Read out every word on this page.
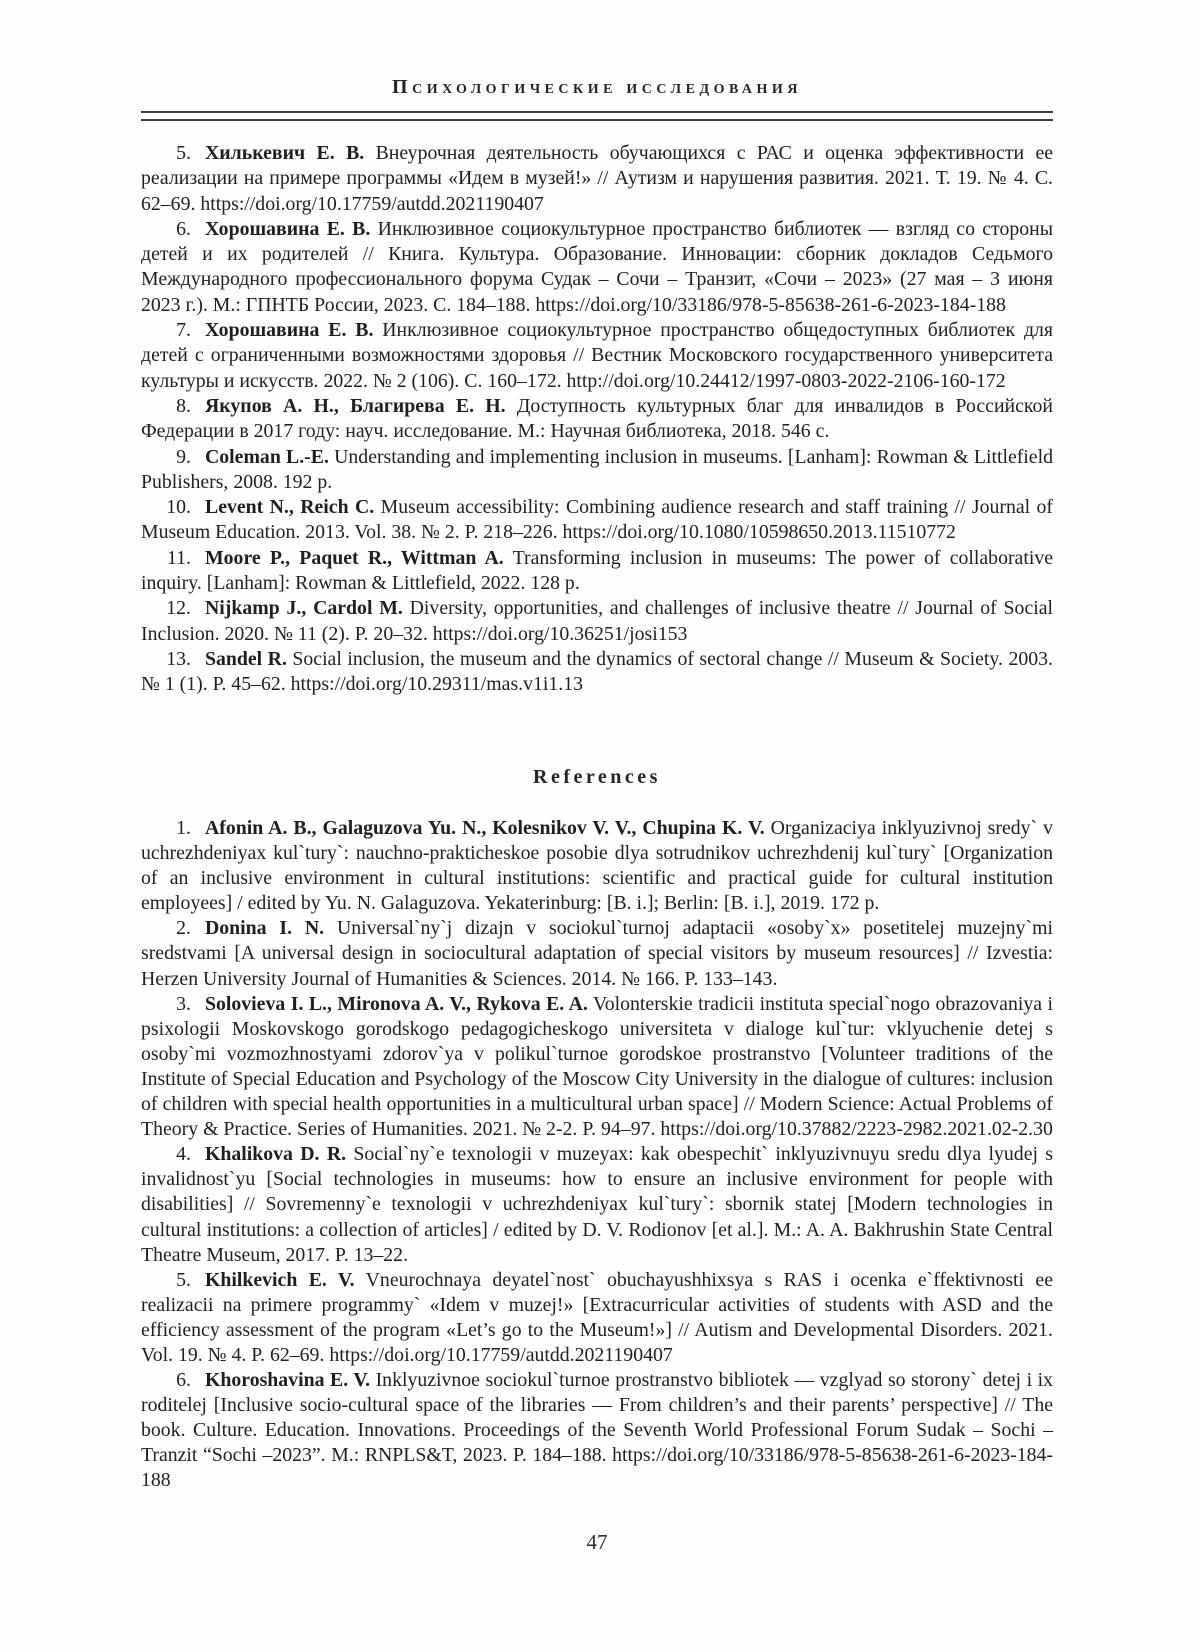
Психологические исследования

5. Хилькевич Е. В. Внеурочная деятельность обучающихся с РАС и оценка эффективности ее реализации на примере программы «Идем в музей!» // Аутизм и нарушения развития. 2021. Т. 19. № 4. С. 62–69. https://doi.org/10.17759/autdd.2021190407

6. Хорошавина Е. В. Инклюзивное социокультурное пространство библиотек — взгляд со стороны детей и их родителей // Книга. Культура. Образование. Инновации: сборник докладов Седьмого Международного профессионального форума Судак – Сочи – Транзит, «Сочи – 2023» (27 мая – 3 июня 2023 г.). М.: ГПНТБ России, 2023. С. 184–188. https://doi.org/10/33186/978-5-85638-261-6-2023-184-188

7. Хорошавина Е. В. Инклюзивное социокультурное пространство общедоступных библиотек для детей с ограниченными возможностями здоровья // Вестник Московского государственного университета культуры и искусств. 2022. № 2 (106). С. 160–172. http://doi.org/10.24412/1997-0803-2022-2106-160-172

8. Якупов А. Н., Благирева Е. Н. Доступность культурных благ для инвалидов в Российской Федерации в 2017 году: науч. исследование. М.: Научная библиотека, 2018. 546 с.

9. Coleman L.-E. Understanding and implementing inclusion in museums. [Lanham]: Rowman & Littlefield Publishers, 2008. 192 p.

10. Levent N., Reich C. Museum accessibility: Combining audience research and staff training // Journal of Museum Education. 2013. Vol. 38. № 2. P. 218–226. https://doi.org/10.1080/10598650.2013.11510772

11. Moore P., Paquet R., Wittman A. Transforming inclusion in museums: The power of collaborative inquiry. [Lanham]: Rowman & Littlefield, 2022. 128 p.

12. Nijkamp J., Cardol M. Diversity, opportunities, and challenges of inclusive theatre // Journal of Social Inclusion. 2020. № 11 (2). P. 20–32. https://doi.org/10.36251/josi153

13. Sandel R. Social inclusion, the museum and the dynamics of sectoral change // Museum & Society. 2003. № 1 (1). P. 45–62. https://doi.org/10.29311/mas.v1i1.13

References

1. Afonin A. B., Galaguzova Yu. N., Kolesnikov V. V., Chupina K. V. Organizaciya inklyuzivnoj sredy` v uchrezhdeniyax kul`tury`: nauchno-prakticheskoe posobie dlya sotrudnikov uchrezhdenij kul`tury` [Organization of an inclusive environment in cultural institutions: scientific and practical guide for cultural institution employees] / edited by Yu. N. Galaguzova. Yekaterinburg: [B. i.]; Berlin: [B. i.], 2019. 172 p.

2. Donina I. N. Universal`ny`j dizajn v sociokul`turnoj adaptacii «osoby`x» posetitelej muzejny`mi sredstvami [A universal design in sociocultural adaptation of special visitors by museum resources] // Izvestia: Herzen University Journal of Humanities & Sciences. 2014. № 166. P. 133–143.

3. Solovieva I. L., Mironova A. V., Rykova E. A. Volonterskie tradicii instituta special`nogo obrazovaniya i psixologii Moskovskogo gorodskogo pedagogicheskogo universiteta v dialoge kul`tur: vklyuchenie detej s osoby`mi vozmozhnostyami zdorov`ya v polikul`turnoe gorodskoe prostranstvo [Volunteer traditions of the Institute of Special Education and Psychology of the Moscow City University in the dialogue of cultures: inclusion of children with special health opportunities in a multicultural urban space] // Modern Science: Actual Problems of Theory & Practice. Series of Humanities. 2021. № 2-2. P. 94–97. https://doi.org/10.37882/2223-2982.2021.02-2.30

4. Khalikova D. R. Social`ny`e texnologii v muzeyax: kak obespechit` inklyuzivnuyu sredu dlya lyudej s invalidnost`yu [Social technologies in museums: how to ensure an inclusive environment for people with disabilities] // Sovremenny`e texnologii v uchrezhdeniyax kul`tury`: sbornik statej [Modern technologies in cultural institutions: a collection of articles] / edited by D. V. Rodionov [et al.]. M.: A. A. Bakhrushin State Central Theatre Museum, 2017. P. 13–22.

5. Khilkevich E. V. Vneurochnaya deyatel`nost` obuchayushhixsya s RAS i ocenka e`ffektivnosti ee realizacii na primere programmy` «Idem v muzej!» [Extracurricular activities of students with ASD and the efficiency assessment of the program «Let’s go to the Museum!»] // Autism and Developmental Disorders. 2021. Vol. 19. № 4. P. 62–69. https://doi.org/10.17759/autdd.2021190407

6. Khoroshavina E. V. Inklyuzivnoe sociokul`turnoe prostranstvo bibliotek — vzglyad so storony` detej i ix roditelej [Inclusive socio-cultural space of the libraries — From children’s and their parents’ perspective] // The book. Culture. Education. Innovations. Proceedings of the Seventh World Professional Forum Sudak – Sochi – Tranzit “Sochi –2023”. M.: RNPLS&T, 2023. P. 184–188. https://doi.org/10/33186/978-5-85638-261-6-2023-184-188

47
